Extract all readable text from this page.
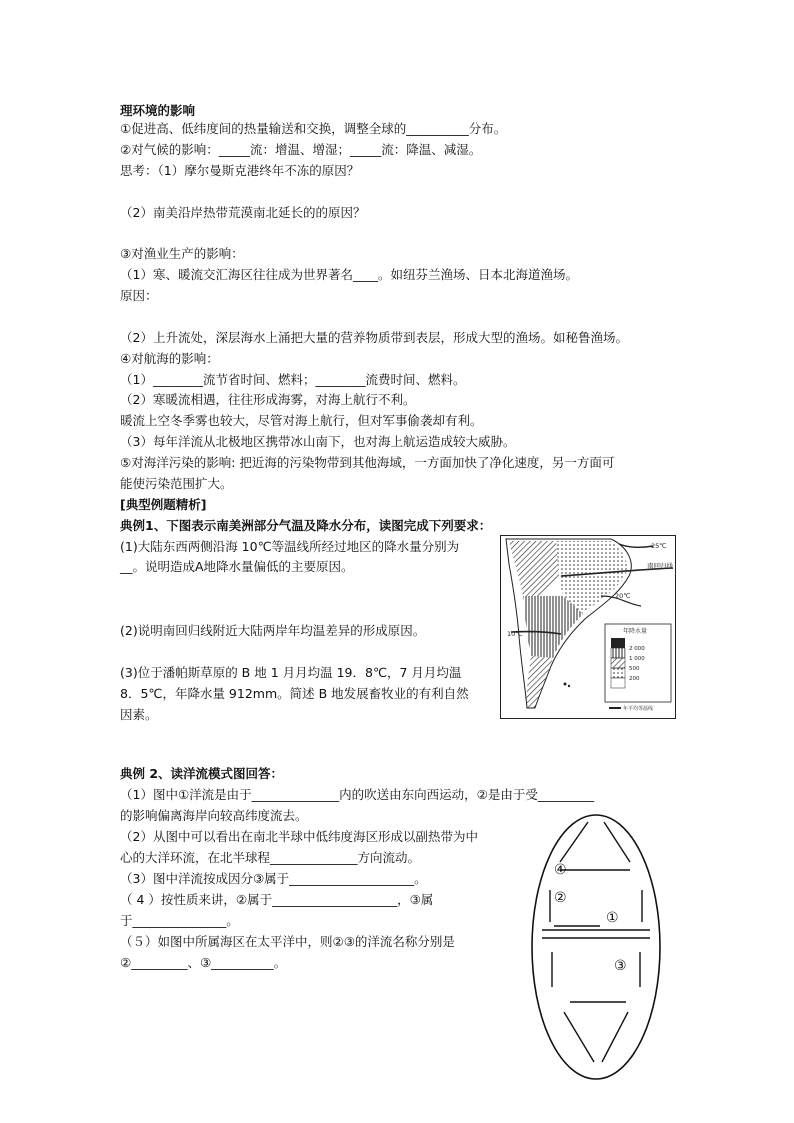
理环境的影响
①促进高、低纬度间的热量输送和交换，调整全球的__________分布。
②对气候的影响：_____流：增温、增湿；_____流：降温、减湿。
思考：（1）摩尔曼斯克港终年不冻的原因？
（2）南美沿岸热带荒漠南北延长的的原因？
③对渔业生产的影响：
（1）寒、暖流交汇海区往往成为世界著名____。如纽芬兰渔场、日本北海道渔场。
原因：
（2）上升流处，深层海水上涌把大量的营养物质带到表层，形成大型的渔场。如秘鲁渔场。
④对航海的影响：
（1）________流节省时间、燃料；________流费时间、燃料。
（2）寒暖流相遇，往往形成海雾，对海上航行不利。
暖流上空冬季雾也较大，尽管对海上航行，但对军事偷袭却有利。
（3）每年洋流从北极地区携带冰山南下，也对海上航运造成较大威胁。
⑤对海洋污染的影响: 把近海的污染物带到其他海域，一方面加快了净化速度，另一方面可
能使污染范围扩大。
[典型例题精析]
典例1、下图表示南美洲部分气温及降水分布，读图完成下列要求：
(1)大陆东西两侧沿海 10℃等温线所经过地区的降水量分别为
__。说明造成A地降水量偏低的主要原因。
(2)说明南回归线附近大陆两岸年均温差异的形成原因。
(3)位于潘帕斯草原的 B 地 1 月月均温 19．8℃，7 月月均温
8．5℃，年降水量 912mm。简述 B 地发展畜牧业的有利自然
因素。
25℃
南回归线
20℃
10℃	年降水量
2 000
1 000
500
200
年平均等温线
典例 2、读洋流模式图回答：
（1）图中①洋流是由于______________内的吹送由东向西运动，②是由于受_________
的影响偏离海岸向较高纬度流去。
（2）从图中可以看出在南北半球中低纬度海区形成以副热带为中
心的大洋环流，在北半球程______________方向流动。
（3）图中洋流按成因分③属于____________________。
（ 4 ）按性质来讲，②属于____________________，③属
于_______________。
（５）如图中所属海区在太平洋中，则②③的洋流名称分别是
②_________、③__________。
④
②
①
③
